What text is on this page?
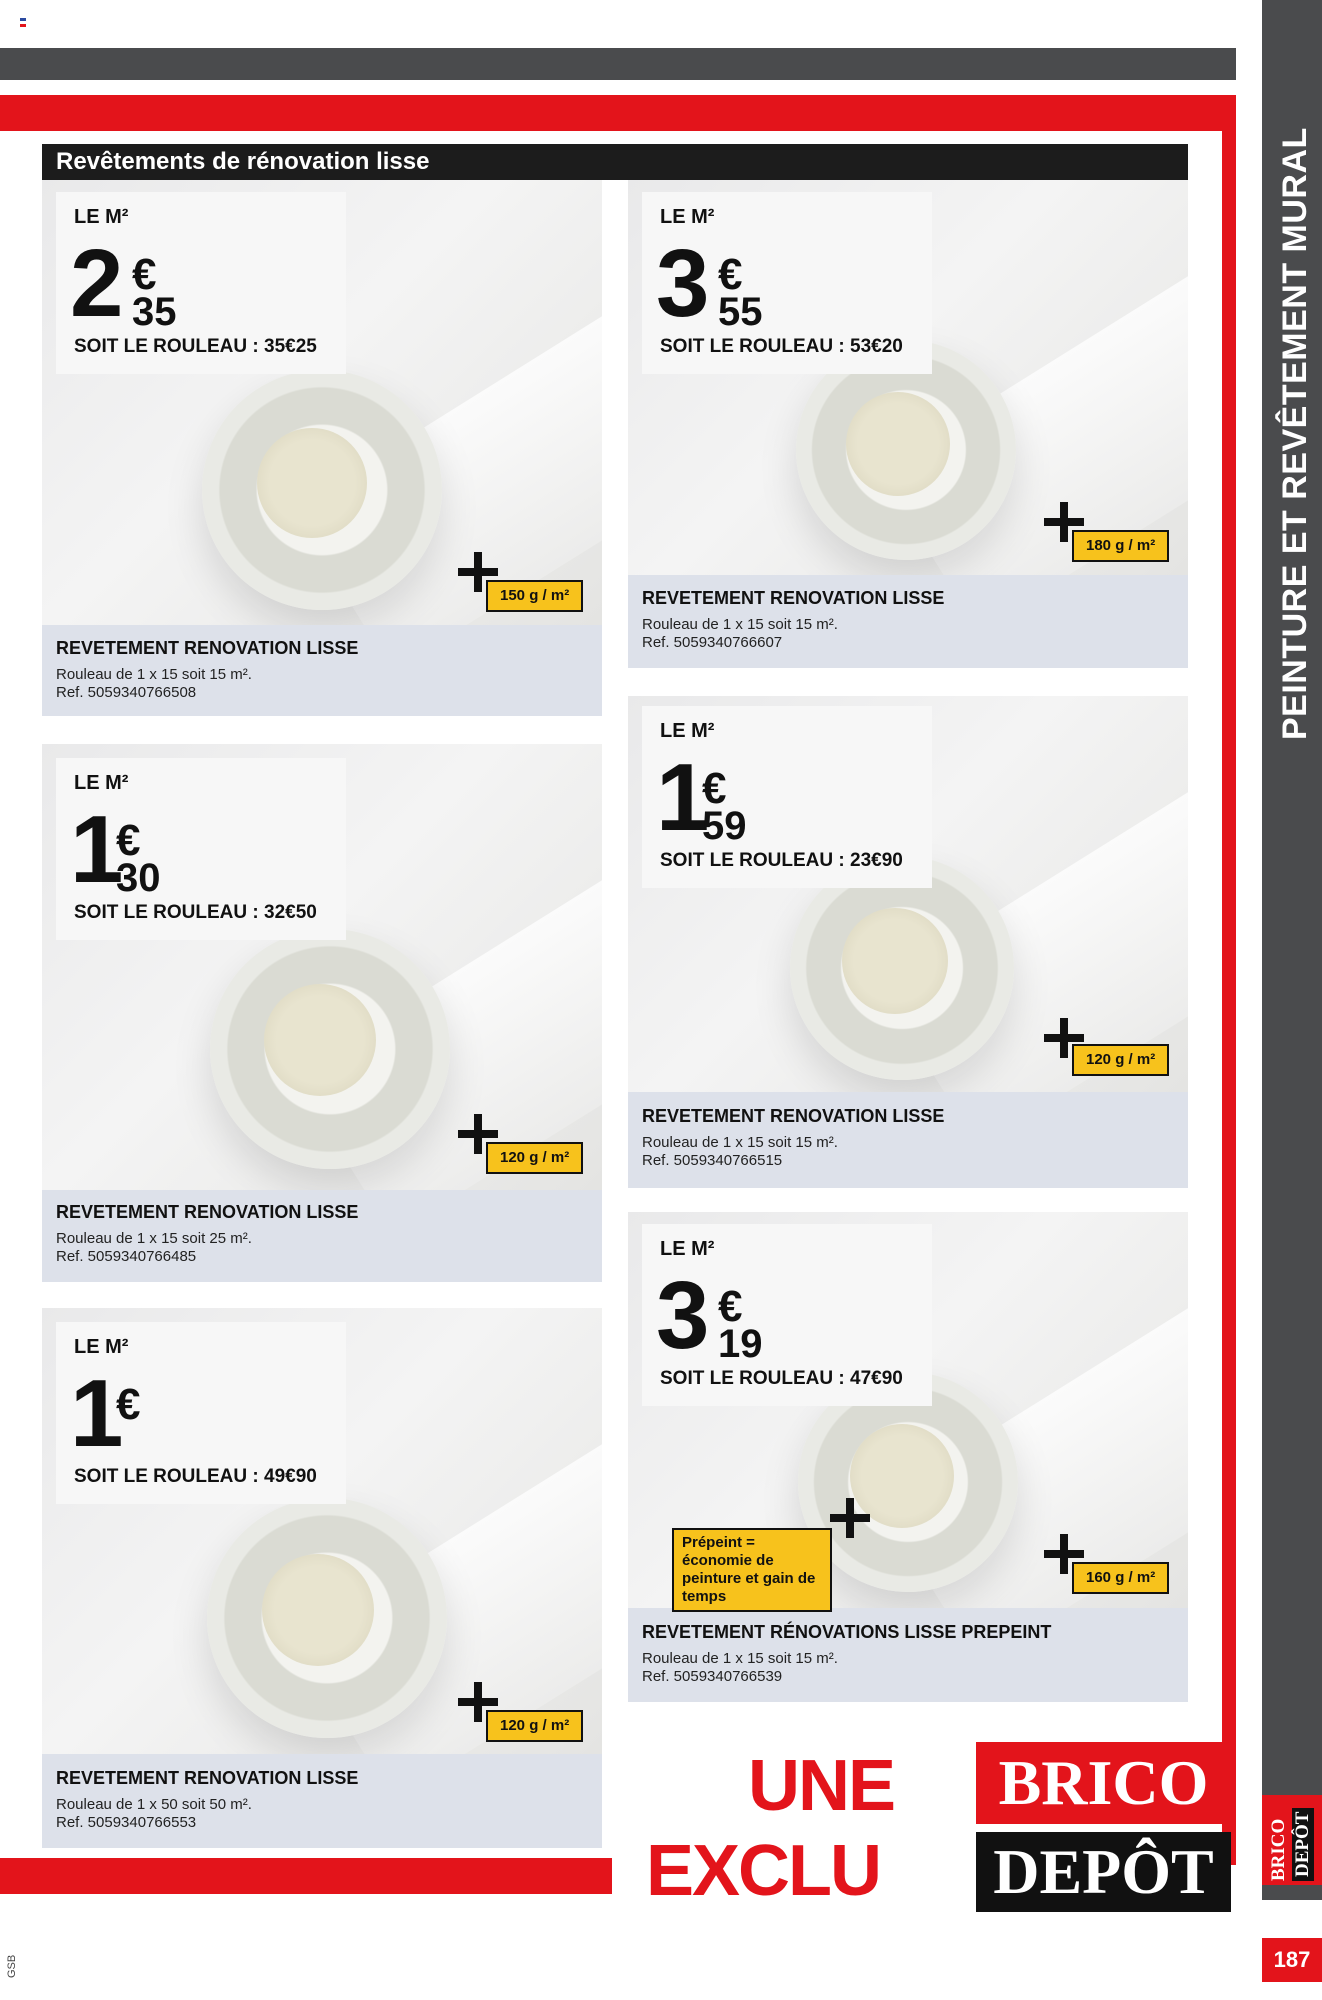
GSB
PEINTURE ET REVÊTEMENT MURAL
BRICO DEPÔT
187
Revêtements de rénovation lisse
LE M²
2 €
35
SOIT LE ROULEAU : 35€25
150 g / m²
REVETEMENT RENOVATION LISSE
Rouleau de 1 x 15 soit 15 m².
Ref. 5059340766508
LE M²
3 €
55
SOIT LE ROULEAU : 53€20
180 g / m²
REVETEMENT RENOVATION LISSE
Rouleau de 1 x 15 soit 15 m².
Ref. 5059340766607
LE M²
1
€
30
SOIT LE ROULEAU : 32€50
120 g / m²
REVETEMENT RENOVATION LISSE
Rouleau de 1 x 15 soit 25 m².
Ref. 5059340766485
LE M²
1
€
59
SOIT LE ROULEAU : 23€90
120 g / m²
REVETEMENT RENOVATION LISSE
Rouleau de 1 x 15 soit 15 m².
Ref. 5059340766515
LE M²
1
€
SOIT LE ROULEAU : 49€90
120 g / m²
REVETEMENT RENOVATION LISSE
Rouleau de 1 x 50 soit 50 m².
Ref. 5059340766553
LE M²
3 €
19
SOIT LE ROULEAU : 47€90
Prépeint = économie de peinture et gain de temps
160 g / m²
REVETEMENT RÉNOVATIONS LISSE PREPEINT
Rouleau de 1 x 15 soit 15 m².
Ref. 5059340766539
UNE
EXCLU
BRICO
DEPÔT
